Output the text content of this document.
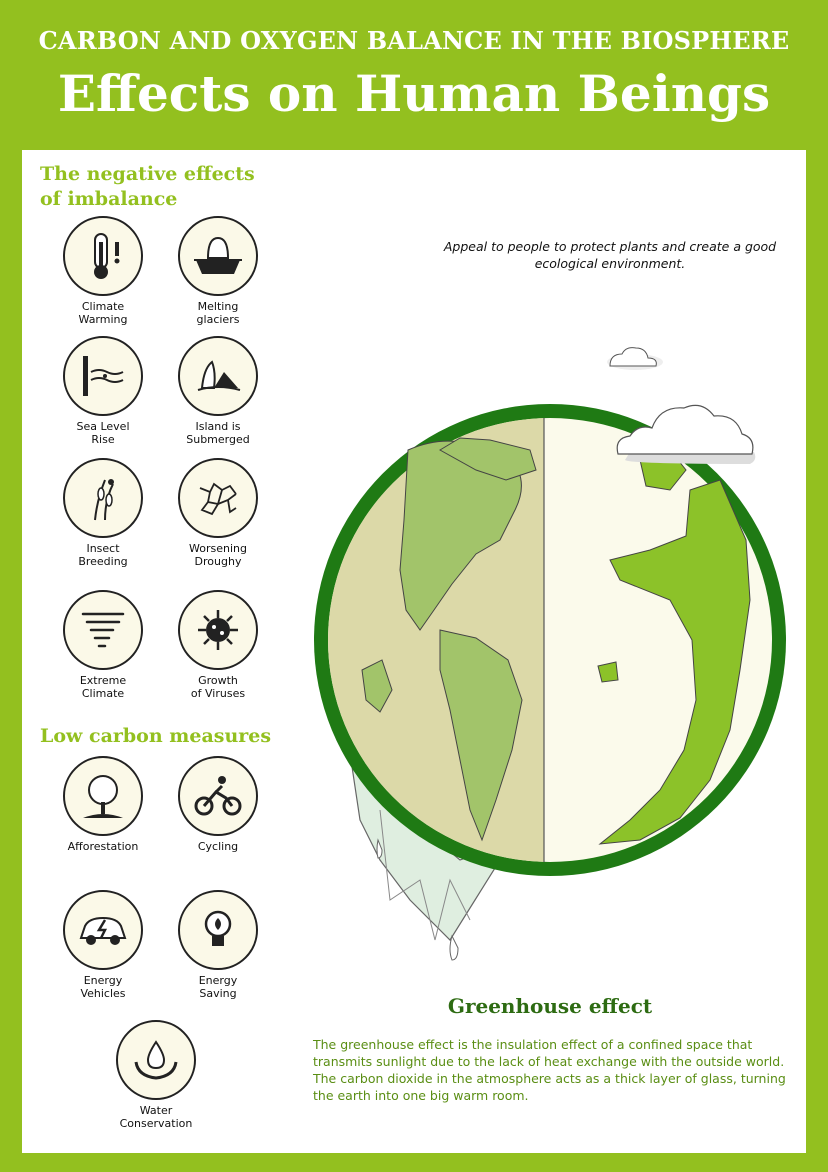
CARBON AND OXYGEN BALANCE IN THE BIOSPHERE
Effects on Human Beings
The negative effects
of imbalance
Climate
Warming
Melting
glaciers
Sea Level
Rise
Island is
Submerged
Insect
Breeding
Worsening
Droughy
Extreme
Climate
Growth
of Viruses
Low carbon measures
Afforestation	Cycling
Energy
Vehicles
Energy
Saving
Water
Conservation
Appeal to people to protect plants and create a good ecological environment.
Greenhouse effect
The greenhouse effect is the insulation effect of a confined space that transmits sunlight due to the lack of heat exchange with the outside world. The carbon dioxide in the atmosphere acts as a thick layer of glass, turning the earth into one big warm room.
